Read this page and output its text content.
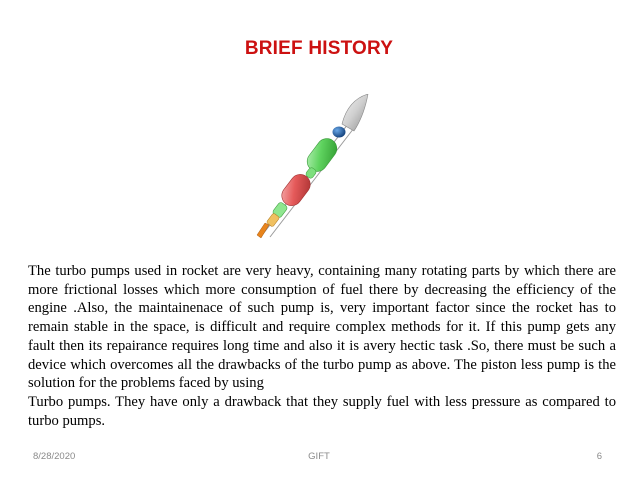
BRIEF HISTORY

The turbo pumps used in rocket are very heavy, containing many rotating parts by which there are more frictional losses which more consumption of fuel there by decreasing the efficiency of the engine .Also, the maintainenace of such pump is, very important factor since the rocket has to remain stable in the space, is difficult and require complex methods for it. If this pump gets any fault then its repairance requires long time and also it is avery hectic task .So, there must be such a device which overcomes all the drawbacks of the turbo pump as above. The piston less pump is the solution for the problems faced by using

Turbo pumps. They have only a drawback that they supply fuel with less pressure as compared to turbo pumps.

8/28/2020	GIFT	6
